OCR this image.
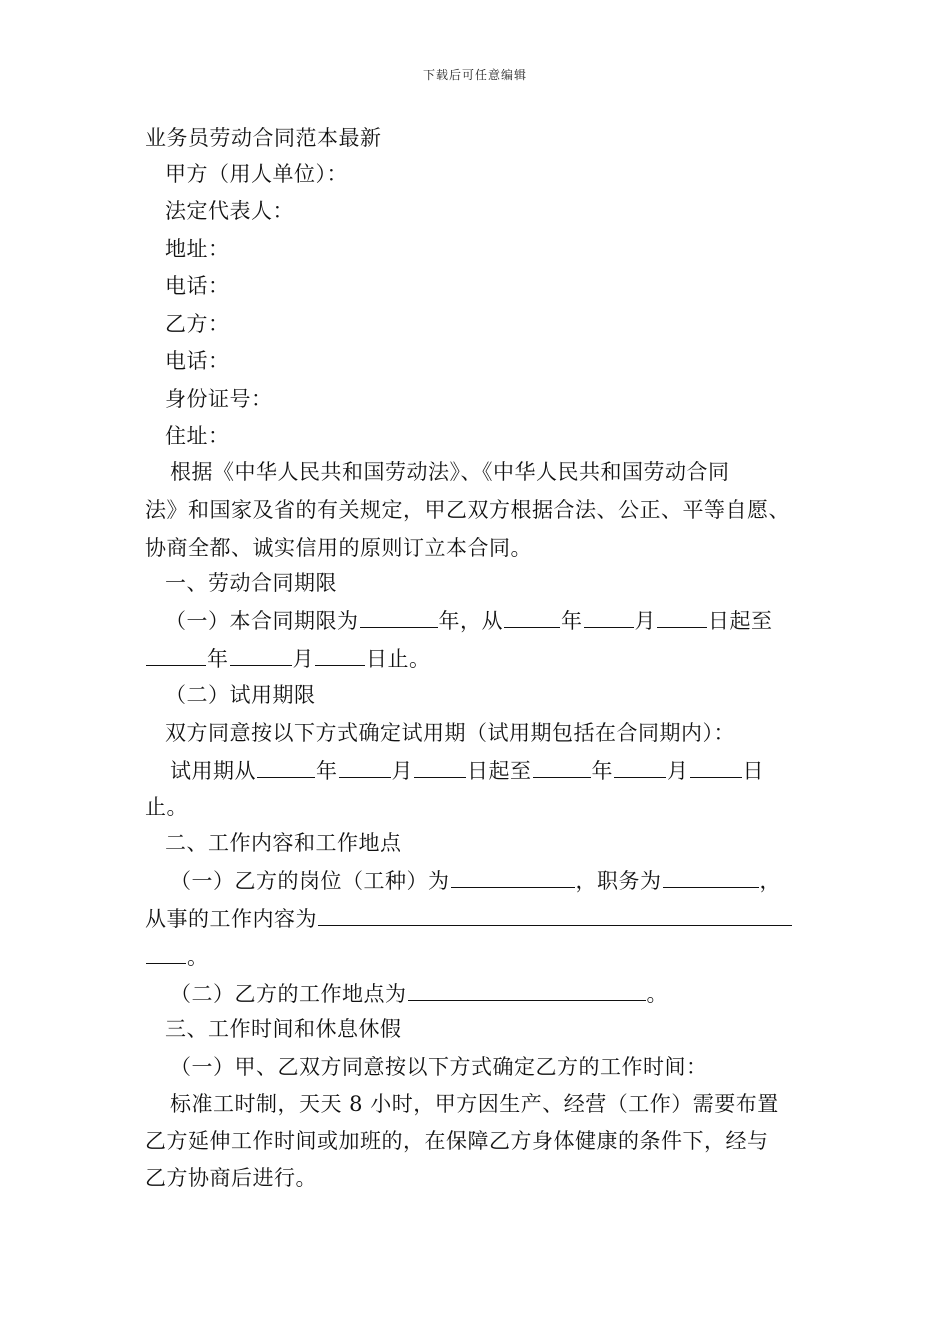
下载后可任意编辑
业务员劳动合同范本最新
甲方（用人单位）：
法定代表人：
地址：
电话：
乙方：
电话：
身份证号：
住址：
根据《中华人民共和国劳动法》、《中华人民共和国劳动合同
法》和国家及省的有关规定，甲乙双方根据合法、公正、平等自愿、
协商全都、诚实信用的原则订立本合同。
一、劳动合同期限
（一）本合同期限为	年，从	年 月 日起至
年	月 日止。
（二）试用期限
双方同意按以下方式确定试用期（试用期包括在合同期内）：
试用期从	年	月	日起至	年	月	日
止。
二、工作内容和工作地点
（一）乙方的岗位（工种）为	，职务为	，
从事的工作内容为
。
（二）乙方的工作地点为	。
三、工作时间和休息休假
（一）甲、乙双方同意按以下方式确定乙方的工作时间：
标准工时制，天天 8 小时，甲方因生产、经营（工作）需要布置
乙方延伸工作时间或加班的，在保障乙方身体健康的条件下，经与
乙方协商后进行。
